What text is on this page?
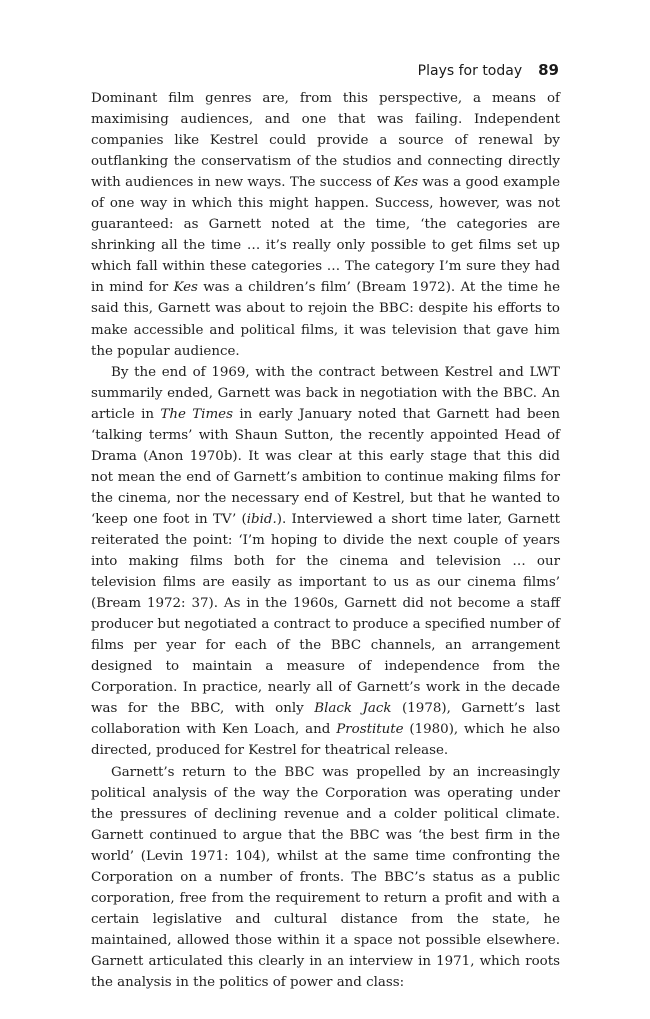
Plays for today 89

Dominant film genres are, from this perspective, a means of maximising audiences, and one that was failing. Independent companies like Kestrel could provide a source of renewal by outflanking the conservatism of the studios and connecting directly with audiences in new ways. The success of Kes was a good example of one way in which this might happen. Success, however, was not guaranteed: as Garnett noted at the time, ‘the categories are shrinking all the time … it’s really only possible to get films set up which fall within these categories … The category I’m sure they had in mind for Kes was a children’s film’ (Bream 1972). At the time he said this, Garnett was about to rejoin the BBC: despite his efforts to make accessible and political films, it was television that gave him the popular audience.

By the end of 1969, with the contract between Kestrel and LWT summarily ended, Garnett was back in negotiation with the BBC. An article in The Times in early January noted that Garnett had been ‘talking terms’ with Shaun Sutton, the recently appointed Head of Drama (Anon 1970b). It was clear at this early stage that this did not mean the end of Garnett’s ambition to continue making films for the cinema, nor the necessary end of Kestrel, but that he wanted to ‘keep one foot in TV’ (ibid.). Interviewed a short time later, Garnett reiterated the point: ‘I’m hoping to divide the next couple of years into making films both for the cinema and television … our television films are easily as important to us as our cinema films’ (Bream 1972: 37). As in the 1960s, Garnett did not become a staff producer but negotiated a contract to produce a specified number of films per year for each of the BBC channels, an arrangement designed to maintain a measure of independence from the Corporation. In practice, nearly all of Garnett’s work in the decade was for the BBC, with only Black Jack (1978), Garnett’s last collaboration with Ken Loach, and Prostitute (1980), which he also directed, produced for Kestrel for theatrical release.

Garnett’s return to the BBC was propelled by an increasingly political analysis of the way the Corporation was operating under the pressures of declining revenue and a colder political climate. Garnett continued to argue that the BBC was ‘the best firm in the world’ (Levin 1971: 104), whilst at the same time confronting the Corporation on a number of fronts. The BBC’s status as a public corporation, free from the requirement to return a profit and with a certain legislative and cultural distance from the state, he maintained, allowed those within it a space not possible elsewhere. Garnett articulated this clearly in an interview in 1971, which roots the analysis in the politics of power and class:
